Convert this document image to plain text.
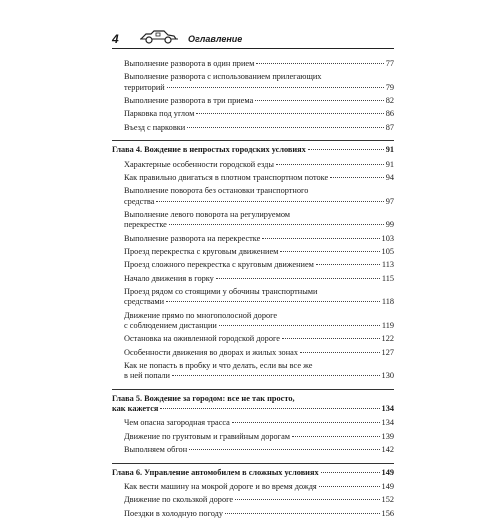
4	Оглавление
Выполнение разворота в один прием	77
Выполнение разворота с использованием прилегающих
территорий	79
Выполнение разворота в три приема	82
Парковка под углом	86
Въезд с парковки	87
Глава 4. Вождение в непростых городских условиях	91
Характерные особенности городской езды	91
Как правильно двигаться в плотном транспортном потоке	94
Выполнение поворота без остановки транспортного
средства	97
Выполнение левого поворота на регулируемом
перекрестке	99
Выполнение разворота на перекрестке	103
Проезд перекрестка с круговым движением	105
Проезд сложного перекрестка с круговым движением	113
Начало движения в горку	115
Проезд рядом со стоящими у обочины транспортными
средствами	118
Движение прямо по многополосной дороге
с соблюдением дистанции	119
Остановка на оживленной городской дороге	122
Особенности движения во дворах и жилых зонах	127
Как не попасть в пробку и что делать, если вы все же
в ней попали	130
Глава 5. Вождение за городом: все не так просто,
как кажется	134
Чем опасна загородная трасса	134
Движение по грунтовым и гравийным дорогам	139
Выполняем обгон	142
Глава 6. Управление автомобилем в сложных условиях	149
Как вести машину на мокрой дороге и во время дождя	149
Движение по скользкой дороге	152
Поездки в холодную погоду	156
